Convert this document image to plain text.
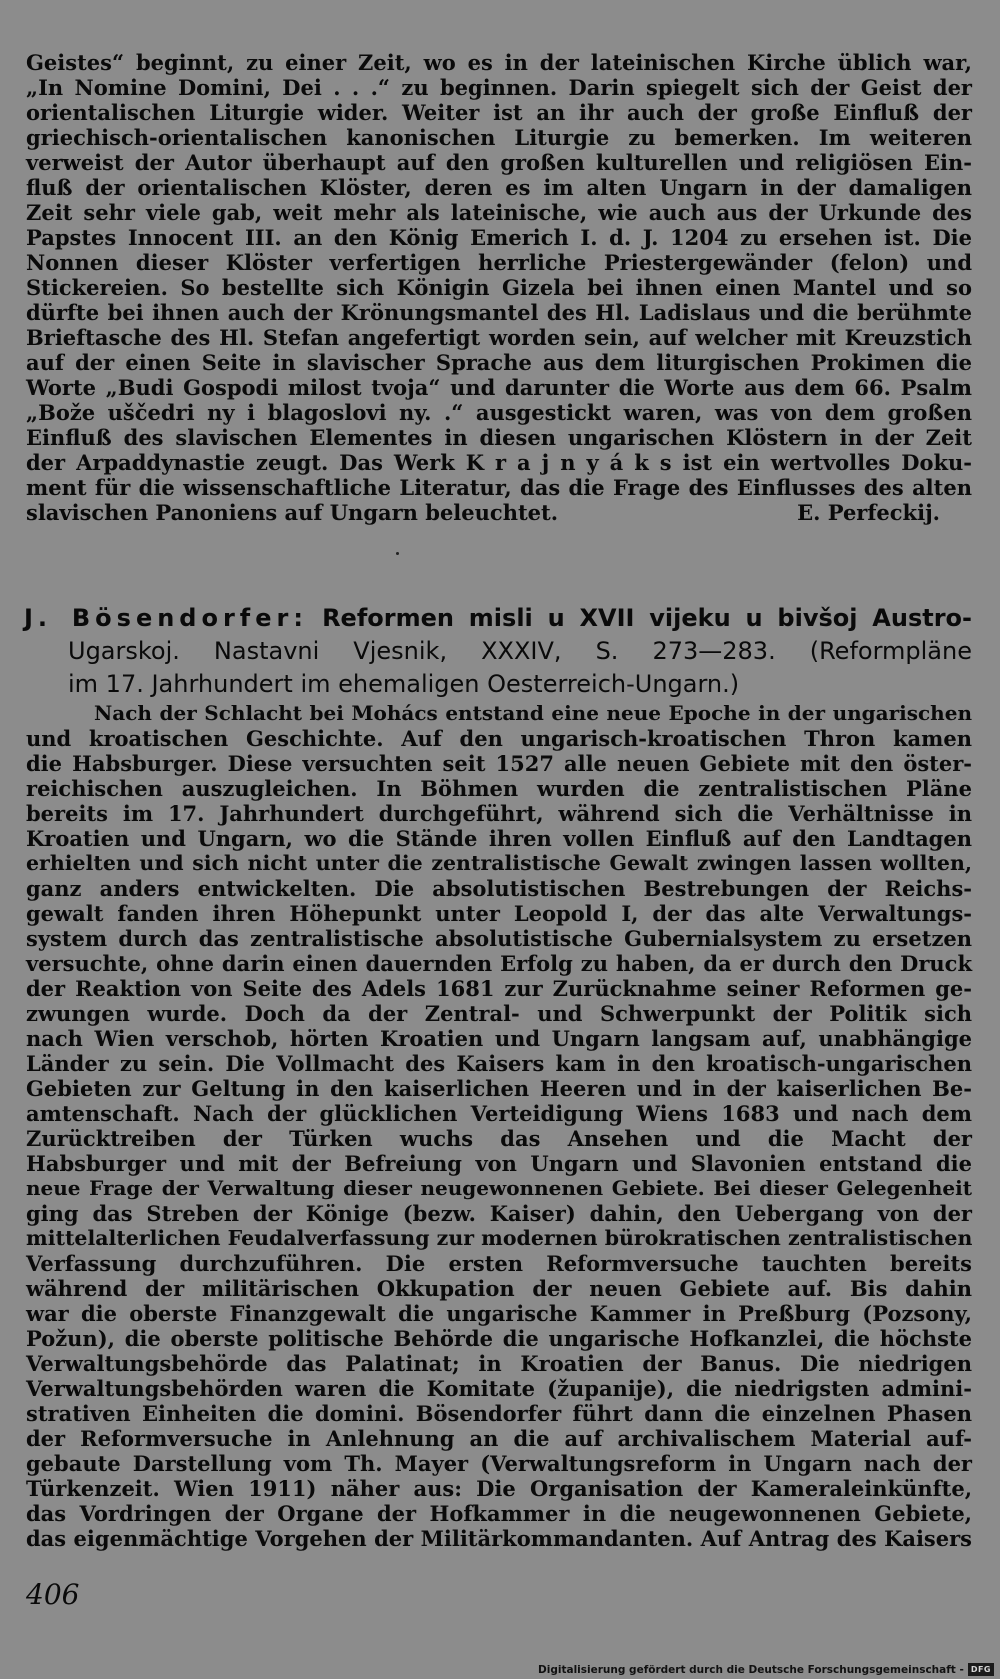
Geistes“ beginnt, zu einer Zeit, wo es in der lateinischen Kirche üblich war,
„In Nomine Domini, Dei . . .“ zu beginnen. Darin spiegelt sich der Geist der
orientalischen Liturgie wider. Weiter ist an ihr auch der große Einfluß der
griechisch-orientalischen kanonischen Liturgie zu bemerken. Im weiteren
verweist der Autor überhaupt auf den großen kulturellen und religiösen Ein-
fluß der orientalischen Klöster, deren es im alten Ungarn in der damaligen
Zeit sehr viele gab, weit mehr als lateinische, wie auch aus der Urkunde des
Papstes Innocent III. an den König Emerich I. d. J. 1204 zu ersehen ist. Die
Nonnen dieser Klöster verfertigen herrliche Priestergewänder (felon) und
Stickereien. So bestellte sich Königin Gizela bei ihnen einen Mantel und so
dürfte bei ihnen auch der Krönungsmantel des Hl. Ladislaus und die berühmte
Brieftasche des Hl. Stefan angefertigt worden sein, auf welcher mit Kreuzstich
auf der einen Seite in slavischer Sprache aus dem liturgischen Prokimen die
Worte „Budi Gospodi milost tvoja“ und darunter die Worte aus dem 66. Psalm
„Bože uščedri ny i blagoslovi ny. .“ ausgestickt waren, was von dem großen
Einfluß des slavischen Elementes in diesen ungarischen Klöstern in der Zeit
der Arpaddynastie zeugt. Das Werk K r a j n y á k s ist ein wertvolles Doku-
ment für die wissenschaftliche Literatur, das die Frage des Einflusses des alten
slavischen Panoniens auf Ungarn beleuchtet.	E. Perfeckij.
J. Bösendorfer: Reformen misli u XVII vijeku u bivšoj Austro-
Ugarskoj. Nastavni Vjesnik, XXXIV, S. 273—283. (Reformpläne
im 17. Jahrhundert im ehemaligen Oesterreich-Ungarn.)
Nach der Schlacht bei Mohács entstand eine neue Epoche in der ungarischen
und kroatischen Geschichte. Auf den ungarisch-kroatischen Thron kamen
die Habsburger. Diese versuchten seit 1527 alle neuen Gebiete mit den öster-
reichischen auszugleichen. In Böhmen wurden die zentralistischen Pläne
bereits im 17. Jahrhundert durchgeführt, während sich die Verhältnisse in
Kroatien und Ungarn, wo die Stände ihren vollen Einfluß auf den Landtagen
erhielten und sich nicht unter die zentralistische Gewalt zwingen lassen wollten,
ganz anders entwickelten. Die absolutistischen Bestrebungen der Reichs-
gewalt fanden ihren Höhepunkt unter Leopold I, der das alte Verwaltungs-
system durch das zentralistische absolutistische Gubernialsystem zu ersetzen
versuchte, ohne darin einen dauernden Erfolg zu haben, da er durch den Druck
der Reaktion von Seite des Adels 1681 zur Zurücknahme seiner Reformen ge-
zwungen wurde. Doch da der Zentral- und Schwerpunkt der Politik sich
nach Wien verschob, hörten Kroatien und Ungarn langsam auf, unabhängige
Länder zu sein. Die Vollmacht des Kaisers kam in den kroatisch-ungarischen
Gebieten zur Geltung in den kaiserlichen Heeren und in der kaiserlichen Be-
amtenschaft. Nach der glücklichen Verteidigung Wiens 1683 und nach dem
Zurücktreiben der Türken wuchs das Ansehen und die Macht der
Habsburger und mit der Befreiung von Ungarn und Slavonien entstand die
neue Frage der Verwaltung dieser neugewonnenen Gebiete. Bei dieser Gelegenheit
ging das Streben der Könige (bezw. Kaiser) dahin, den Uebergang von der
mittelalterlichen Feudalverfassung zur modernen bürokratischen zentralistischen
Verfassung durchzuführen. Die ersten Reformversuche tauchten bereits
während der militärischen Okkupation der neuen Gebiete auf. Bis dahin
war die oberste Finanzgewalt die ungarische Kammer in Preßburg (Pozsony,
Požun), die oberste politische Behörde die ungarische Hofkanzlei, die höchste
Verwaltungsbehörde das Palatinat; in Kroatien der Banus. Die niedrigen
Verwaltungsbehörden waren die Komitate (županije), die niedrigsten admini-
strativen Einheiten die domini. Bösendorfer führt dann die einzelnen Phasen
der Reformversuche in Anlehnung an die auf archivalischem Material auf-
gebaute Darstellung vom Th. Mayer (Verwaltungsreform in Ungarn nach der
Türkenzeit. Wien 1911) näher aus: Die Organisation der Kameraleinkünfte,
das Vordringen der Organe der Hofkammer in die neugewonnenen Gebiete,
das eigenmächtige Vorgehen der Militärkommandanten. Auf Antrag des Kaisers
406
Digitalisierung gefördert durch die Deutsche Forschungsgemeinschaft - DFG
